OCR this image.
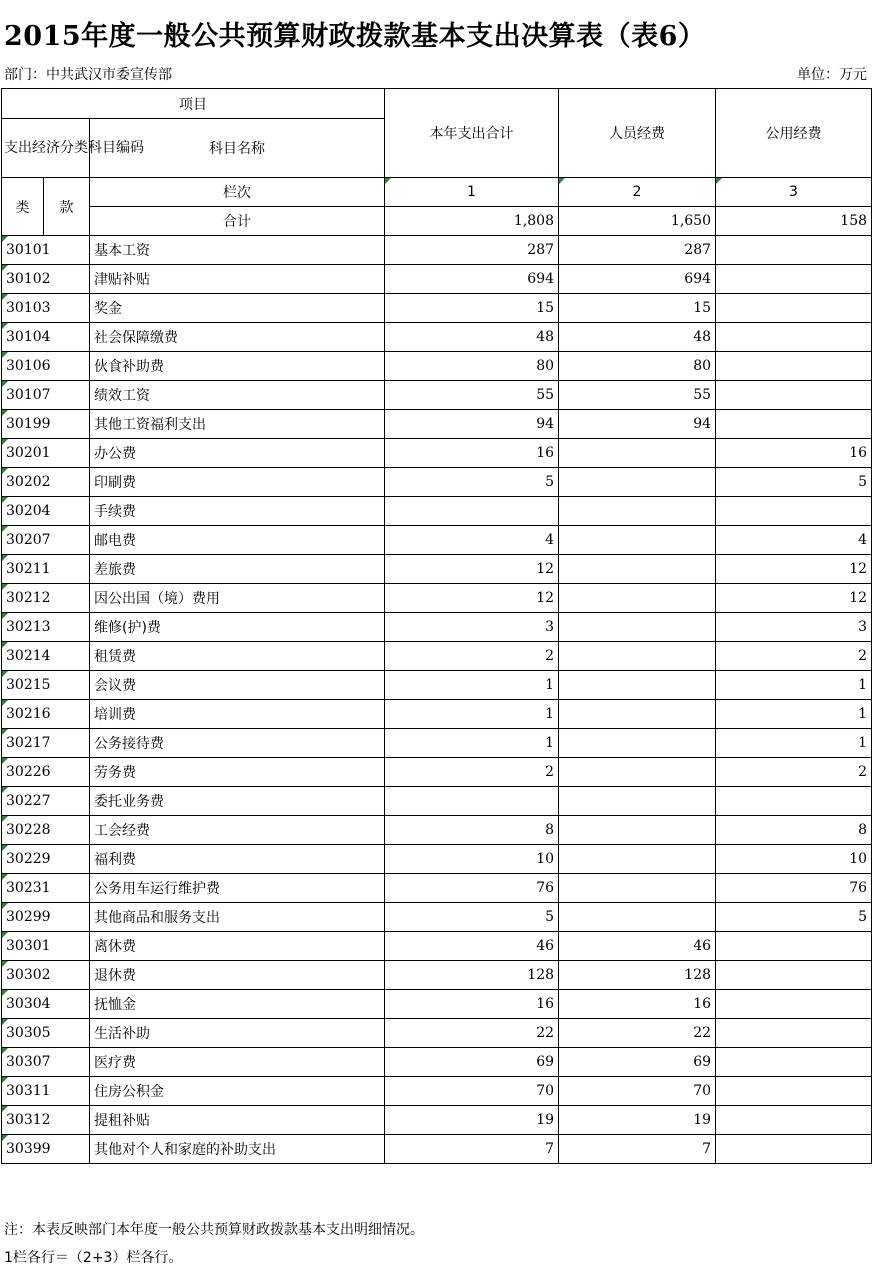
2015年度一般公共预算财政拨款基本支出决算表（表6）
部门：中共武汉市委宣传部	单位：万元
项目			本年支出合计	人员经费	公用经费
支出经济分类科目编码		科目名称			
类	款	栏次	1	2	3
		合计	1,808	1,650	158
30101		基本工资	287	287	
30102		津贴补贴	694	694	
30103		奖金	15	15	
30104		社会保障缴费	48	48	
30106		伙食补助费	80	80	
30107		绩效工资	55	55	
30199		其他工资福利支出	94	94	
30201		办公费	16		16
30202		印刷费	5		5
30204		手续费			
30207		邮电费	4		4
30211		差旅费	12		12
30212		因公出国（境）费用	12		12
30213		维修(护)费	3		3
30214		租赁费	2		2
30215		会议费	1		1
30216		培训费	1		1
30217		公务接待费	1		1
30226		劳务费	2		2
30227		委托业务费			
30228		工会经费	8		8
30229		福利费	10		10
30231		公务用车运行维护费	76		76
30299		其他商品和服务支出	5		5
30301		离休费	46	46	
30302		退休费	128	128	
30304		抚恤金	16	16	
30305		生活补助	22	22	
30307		医疗费	69	69	
30311		住房公积金	70	70	
30312		提租补贴	19	19	
30399		其他对个人和家庭的补助支出	7	7	
注：本表反映部门本年度一般公共预算财政拨款基本支出明细情况。
1栏各行＝（2+3）栏各行。
